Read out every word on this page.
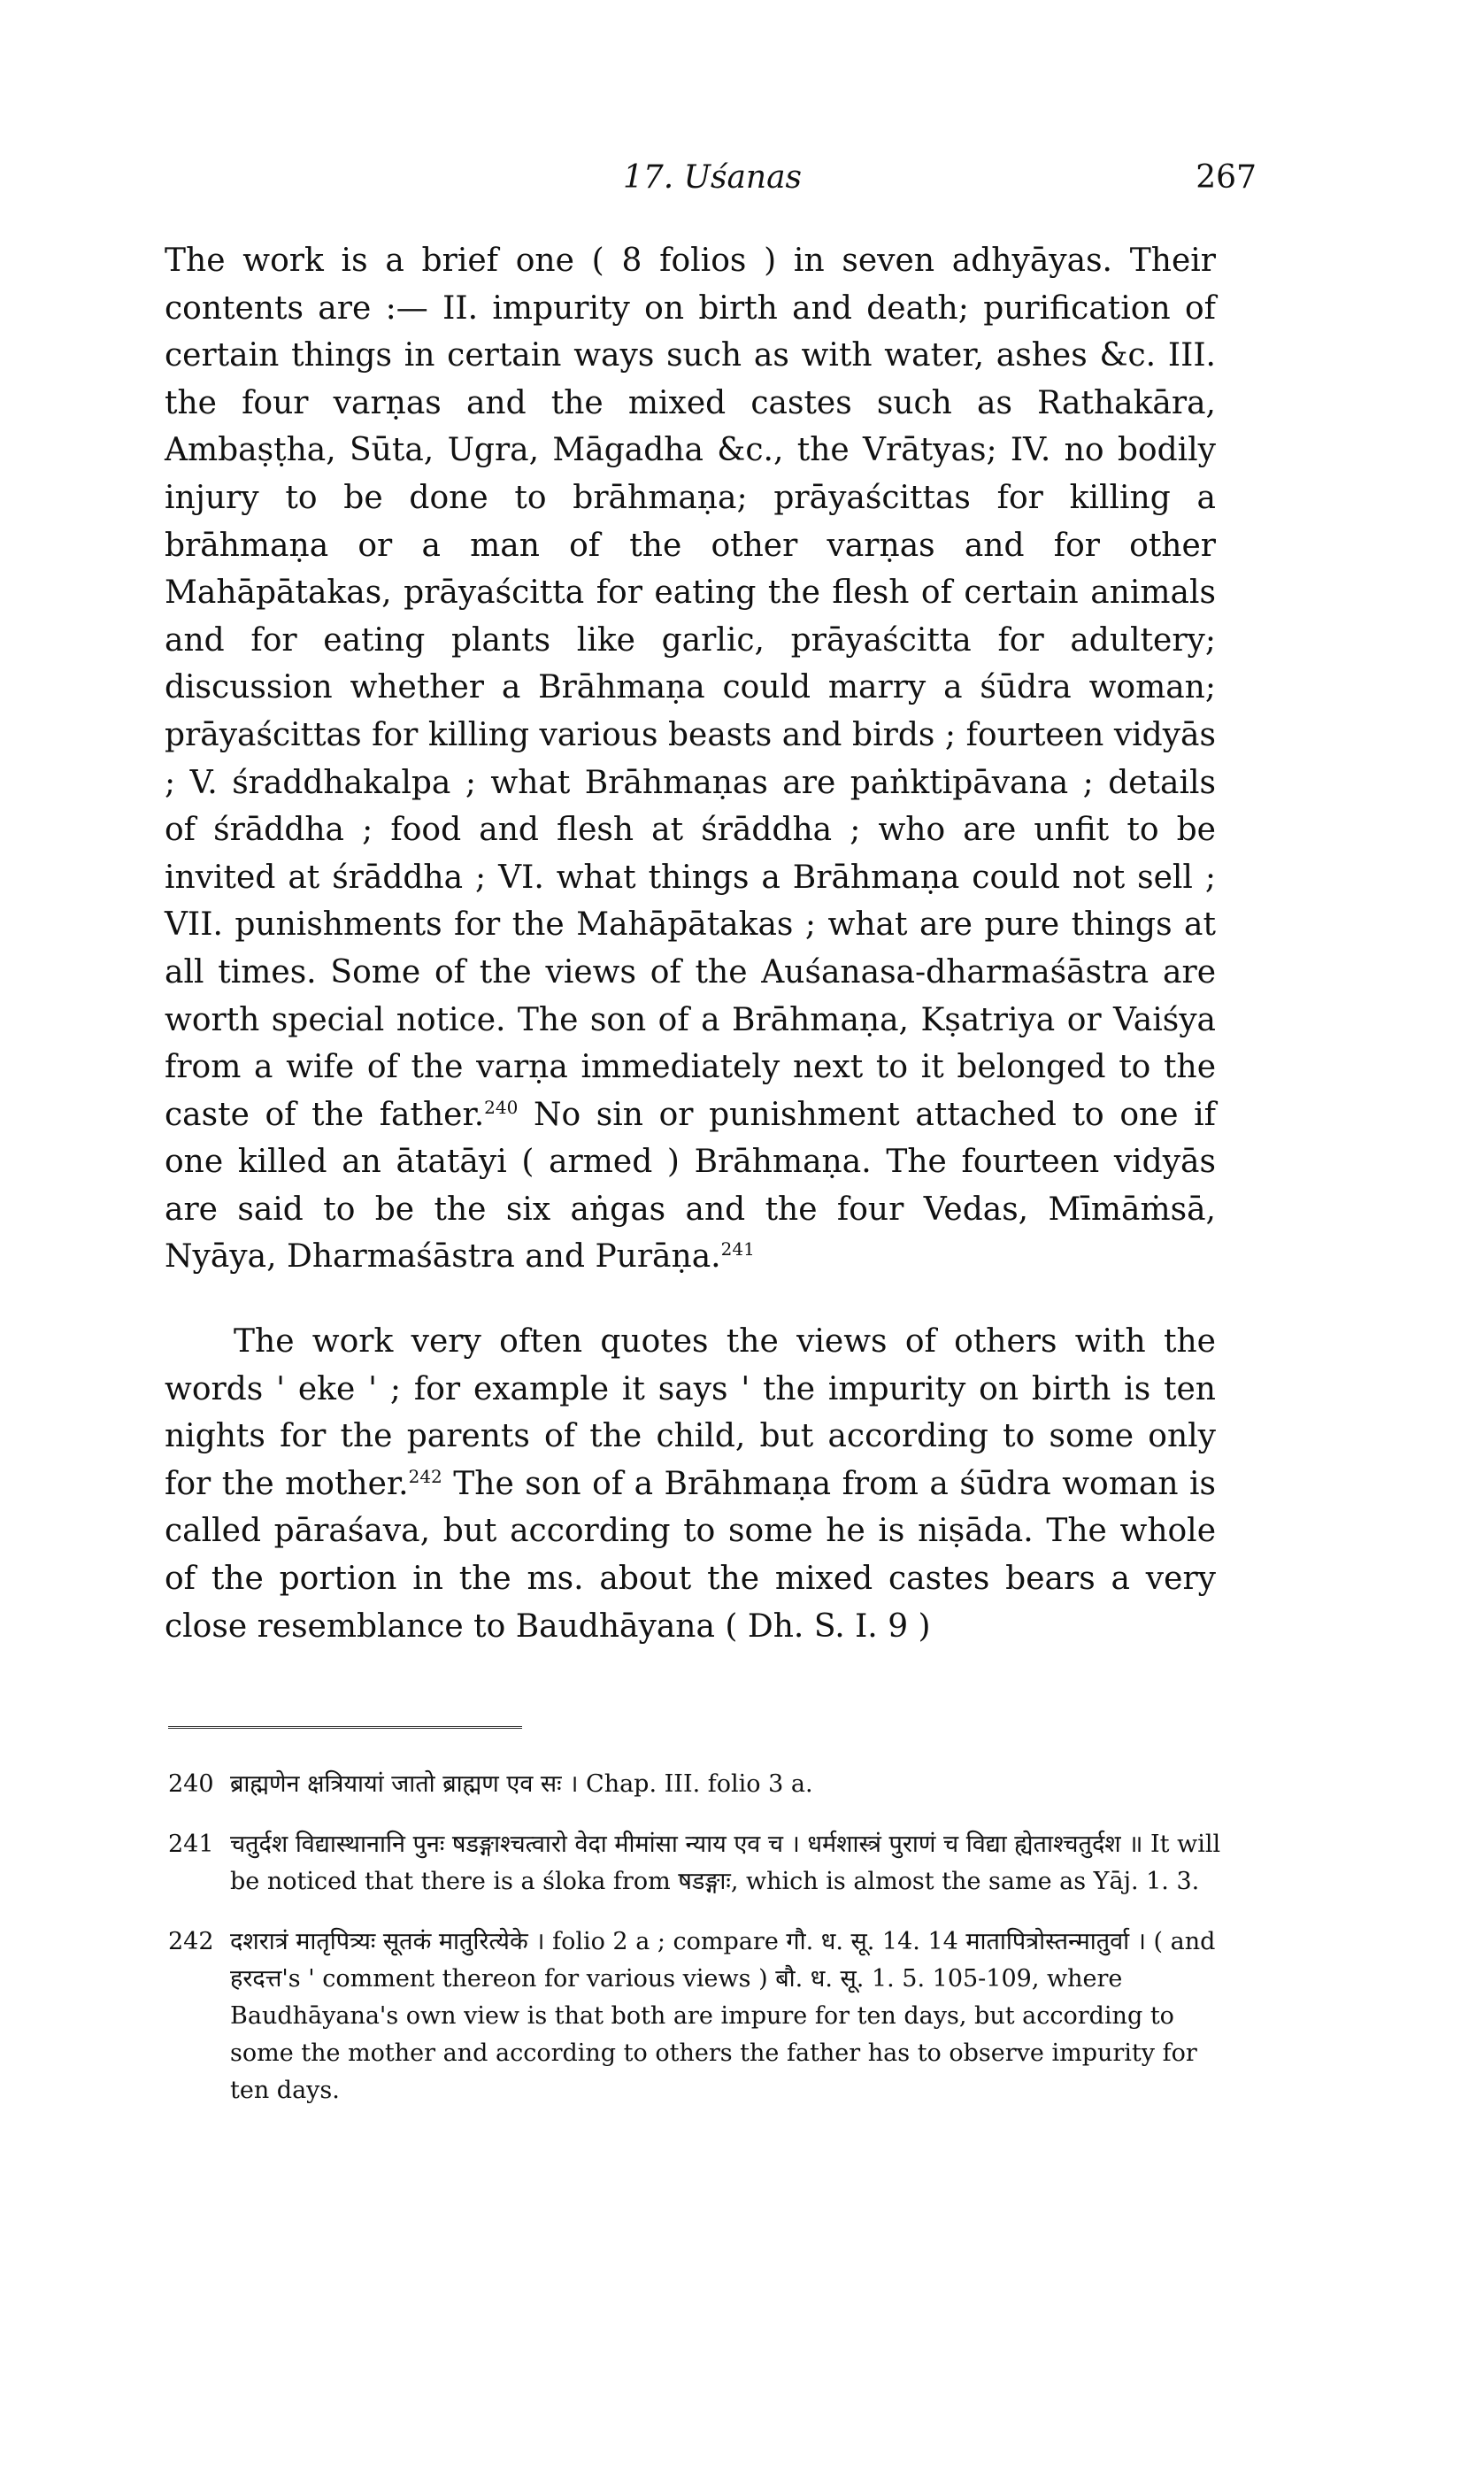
17. Uśanas	267

The work is a brief one ( 8 folios ) in seven adhyāyas. Their contents are :— II. impurity on birth and death; purification of certain things in certain ways such as with water, ashes &c. III. the four varṇas and the mixed castes such as Rathakāra, Ambaṣṭha, Sūta, Ugra, Māgadha &c., the Vrātyas; IV. no bodily injury to be done to brāhmaṇa; prāyaścittas for killing a brāhmaṇa or a man of the other varṇas and for other Mahāpātakas, prāyaścitta for eating the flesh of certain animals and for eating plants like garlic, prāyaścitta for adultery; discussion whether a Brāhmaṇa could marry a śūdra woman; prāyaścittas for killing various beasts and birds ; fourteen vidyās ; V. śraddhakalpa ; what Brāhmaṇas are paṅktipāvana ; details of śrāddha ; food and flesh at śrāddha ; who are unfit to be invited at śrāddha ; VI. what things a Brāhmaṇa could not sell ; VII. punishments for the Mahāpātakas ; what are pure things at all times. Some of the views of the Auśanasa-dharmaśāstra are worth special notice. The son of a Brāhmaṇa, Kṣatriya or Vaiśya from a wife of the varṇa immediately next to it belonged to the caste of the father.$^{240}$ No sin or punishment attached to one if one killed an ātatāyi ( armed ) Brāhmaṇa. The fourteen vidyās are said to be the six aṅgas and the four Vedas, Mīmāṁsā, Nyāya, Dharmaśāstra and Purāṇa.$^{241}$

The work very often quotes the views of others with the words ' eke ' ; for example it says ' the impurity on birth is ten nights for the parents of the child, but according to some only for the mother.$^{242}$ The son of a Brāhmaṇa from a śūdra woman is called pāraśava, but according to some he is niṣāda. The whole of the portion in the ms. about the mixed castes bears a very close resemblance to Baudhāyana ( Dh. S. I. 9 )

240 ब्राह्मणेन क्षत्रियायां जातो ब्राह्मण एव सः । Chap. III. folio 3 a.
241 चतुर्दश विद्यास्थानानि पुनः षडङ्गाश्चत्वारो वेदा मीमांसा न्याय एव च । धर्मशास्त्रं पुराणं च विद्या ह्येताश्चतुर्दश ॥ It will be noticed that there is a śloka from षडङ्गाः, which is almost the same as Yāj. 1. 3.
242 दशरात्रं मातृपित्र्यः सूतकं मातुरित्येके । folio 2 a ; compare गौ. ध. सू. 14. 14 मातापित्रोस्तन्मातुर्वा । ( and हरदत्त's ' comment thereon for various views ) बौ. ध. सू. 1. 5. 105-109, where Baudhāyana's own view is that both are impure for ten days, but according to some the mother and according to others the father has to observe impurity for ten days.
